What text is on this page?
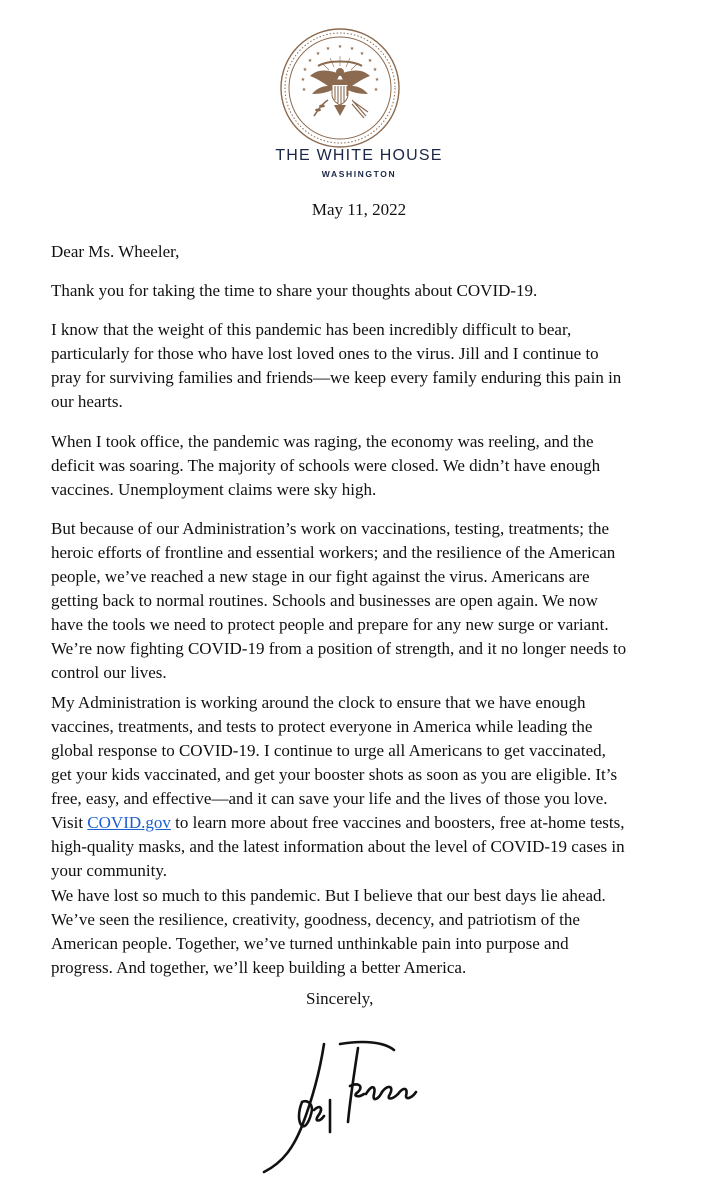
★
★	★
★	★
★	★
★	★
★	★
★	★
THE WHITE HOUSE
WASHINGTON
May 11, 2022

Dear Ms. Wheeler,

Thank you for taking the time to share your thoughts about COVID-19.

I know that the weight of this pandemic has been incredibly difficult to bear,
particularly for those who have lost loved ones to the virus. Jill and I continue to
pray for surviving families and friends—we keep every family enduring this pain in
our hearts.

When I took office, the pandemic was raging, the economy was reeling, and the
deficit was soaring. The majority of schools were closed. We didn’t have enough
vaccines. Unemployment claims were sky high.

But because of our Administration’s work on vaccinations, testing, treatments; the
heroic efforts of frontline and essential workers; and the resilience of the American
people, we’ve reached a new stage in our fight against the virus. Americans are
getting back to normal routines. Schools and businesses are open again. We now
have the tools we need to protect people and prepare for any new surge or variant.
We’re now fighting COVID-19 from a position of strength, and it no longer needs to
control our lives.

My Administration is working around the clock to ensure that we have enough
vaccines, treatments, and tests to protect everyone in America while leading the
global response to COVID-19. I continue to urge all Americans to get vaccinated,
get your kids vaccinated, and get your booster shots as soon as you are eligible. It’s
free, easy, and effective—and it can save your life and the lives of those you love.
Visit COVID.gov to learn more about free vaccines and boosters, free at-home tests,
high-quality masks, and the latest information about the level of COVID-19 cases in
your community.

We have lost so much to this pandemic. But I believe that our best days lie ahead.
We’ve seen the resilience, creativity, goodness, decency, and patriotism of the
American people. Together, we’ve turned unthinkable pain into purpose and
progress. And together, we’ll keep building a better America.

Sincerely,
